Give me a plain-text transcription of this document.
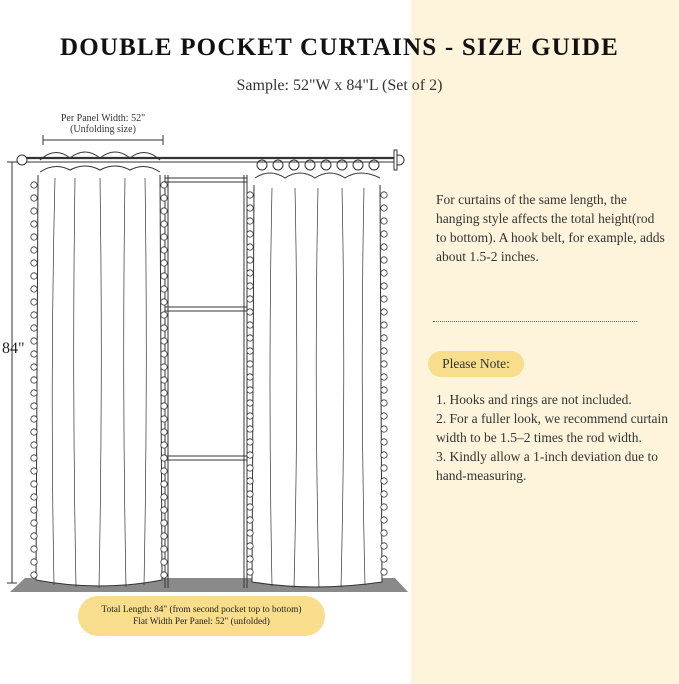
DOUBLE POCKET CURTAINS - SIZE GUIDE
Sample: 52"W x 84"L (Set of 2)
Per Panel Width: 52"
(Unfolding size)
84"
For curtains of the same length, the hanging style affects the total height(rod to bottom). A hook belt, for example, adds about 1.5-2 inches.
Please Note:
1. Hooks and rings are not included.
2. For a fuller look, we recommend curtain width to be 1.5–2 times the rod width.
3. Kindly allow a 1-inch deviation due to hand-measuring.
Total Length: 84" (from second pocket top to bottom)
Flat Width Per Panel: 52" (unfolded)
